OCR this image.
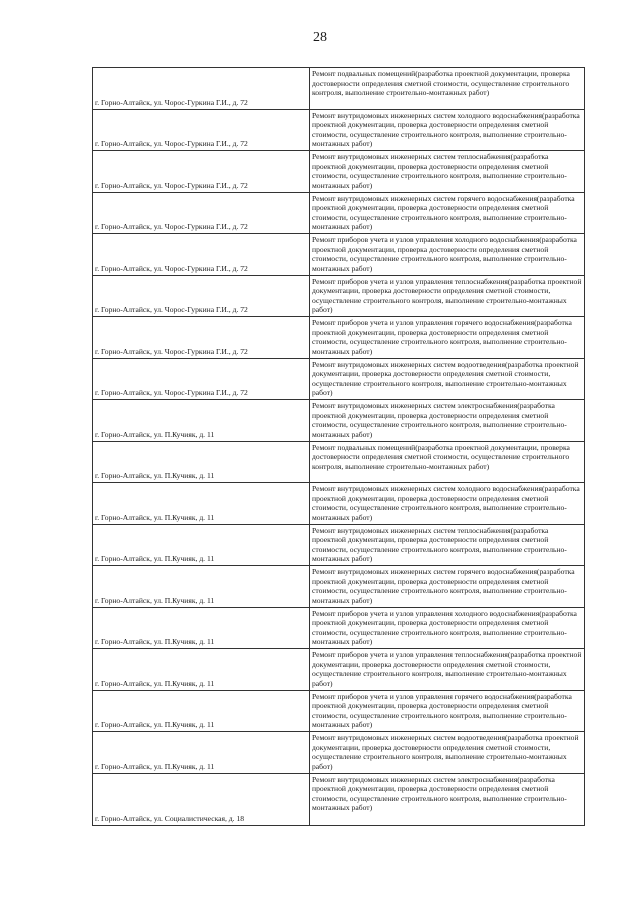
28
г. Горно-Алтайск, ул. Чорос-Гуркина Г.И., д. 72	Ремонт подвальных помещений(разработка проектной документации, проверка достоверности определения сметной стоимости, осуществление строительного контроля, выполнение строительно-монтажных работ)
г. Горно-Алтайск, ул. Чорос-Гуркина Г.И., д. 72	Ремонт внутридомовых инженерных систем холодного водоснабжения(разработка проектной документации, проверка достоверности определения сметной стоимости, осуществление строительного контроля, выполнение строительно-монтажных работ)
г. Горно-Алтайск, ул. Чорос-Гуркина Г.И., д. 72	Ремонт внутридомовых инженерных систем теплоснабжения(разработка проектной документации, проверка достоверности определения сметной стоимости, осуществление строительного контроля, выполнение строительно-монтажных работ)
г. Горно-Алтайск, ул. Чорос-Гуркина Г.И., д. 72	Ремонт внутридомовых инженерных систем горячего водоснабжения(разработка проектной документации, проверка достоверности определения сметной стоимости, осуществление строительного контроля, выполнение строительно-монтажных работ)
г. Горно-Алтайск, ул. Чорос-Гуркина Г.И., д. 72	Ремонт приборов учета и узлов управления холодного водоснабжения(разработка проектной документации, проверка достоверности определения сметной стоимости, осуществление строительного контроля, выполнение строительно-монтажных работ)
г. Горно-Алтайск, ул. Чорос-Гуркина Г.И., д. 72	Ремонт приборов учета и узлов управления теплоснабжения(разработка проектной документации, проверка достоверности определения сметной стоимости, осуществление строительного контроля, выполнение строительно-монтажных работ)
г. Горно-Алтайск, ул. Чорос-Гуркина Г.И., д. 72	Ремонт приборов учета и узлов управления горячего водоснабжения(разработка проектной документации, проверка достоверности определения сметной стоимости, осуществление строительного контроля, выполнение строительно-монтажных работ)
г. Горно-Алтайск, ул. Чорос-Гуркина Г.И., д. 72	Ремонт внутридомовых инженерных систем водоотведения(разработка проектной документации, проверка достоверности определения сметной стоимости, осуществление строительного контроля, выполнение строительно-монтажных работ)
г. Горно-Алтайск, ул. П.Кучияк, д. 11	Ремонт внутридомовых инженерных систем электроснабжения(разработка проектной документации, проверка достоверности определения сметной стоимости, осуществление строительного контроля, выполнение строительно-монтажных работ)
г. Горно-Алтайск, ул. П.Кучияк, д. 11	Ремонт подвальных помещений(разработка проектной документации, проверка достоверности определения сметной стоимости, осуществление строительного контроля, выполнение строительно-монтажных работ)
г. Горно-Алтайск, ул. П.Кучияк, д. 11	Ремонт внутридомовых инженерных систем холодного водоснабжения(разработка проектной документации, проверка достоверности определения сметной стоимости, осуществление строительного контроля, выполнение строительно-монтажных работ)
г. Горно-Алтайск, ул. П.Кучияк, д. 11	Ремонт внутридомовых инженерных систем теплоснабжения(разработка проектной документации, проверка достоверности определения сметной стоимости, осуществление строительного контроля, выполнение строительно-монтажных работ)
г. Горно-Алтайск, ул. П.Кучияк, д. 11	Ремонт внутридомовых инженерных систем горячего водоснабжения(разработка проектной документации, проверка достоверности определения сметной стоимости, осуществление строительного контроля, выполнение строительно-монтажных работ)
г. Горно-Алтайск, ул. П.Кучияк, д. 11	Ремонт приборов учета и узлов управления холодного водоснабжения(разработка проектной документации, проверка достоверности определения сметной стоимости, осуществление строительного контроля, выполнение строительно-монтажных работ)
г. Горно-Алтайск, ул. П.Кучияк, д. 11	Ремонт приборов учета и узлов управления теплоснабжения(разработка проектной документации, проверка достоверности определения сметной стоимости, осуществление строительного контроля, выполнение строительно-монтажных работ)
г. Горно-Алтайск, ул. П.Кучияк, д. 11	Ремонт приборов учета и узлов управления горячего водоснабжения(разработка проектной документации, проверка достоверности определения сметной стоимости, осуществление строительного контроля, выполнение строительно-монтажных работ)
г. Горно-Алтайск, ул. П.Кучияк, д. 11	Ремонт внутридомовых инженерных систем водоотведения(разработка проектной документации, проверка достоверности определения сметной стоимости, осуществление строительного контроля, выполнение строительно-монтажных работ)
г. Горно-Алтайск, ул. Социалистическая, д. 18	Ремонт внутридомовых инженерных систем электроснабжения(разработка проектной документации, проверка достоверности определения сметной стоимости, осуществление строительного контроля, выполнение строительно-монтажных работ)
